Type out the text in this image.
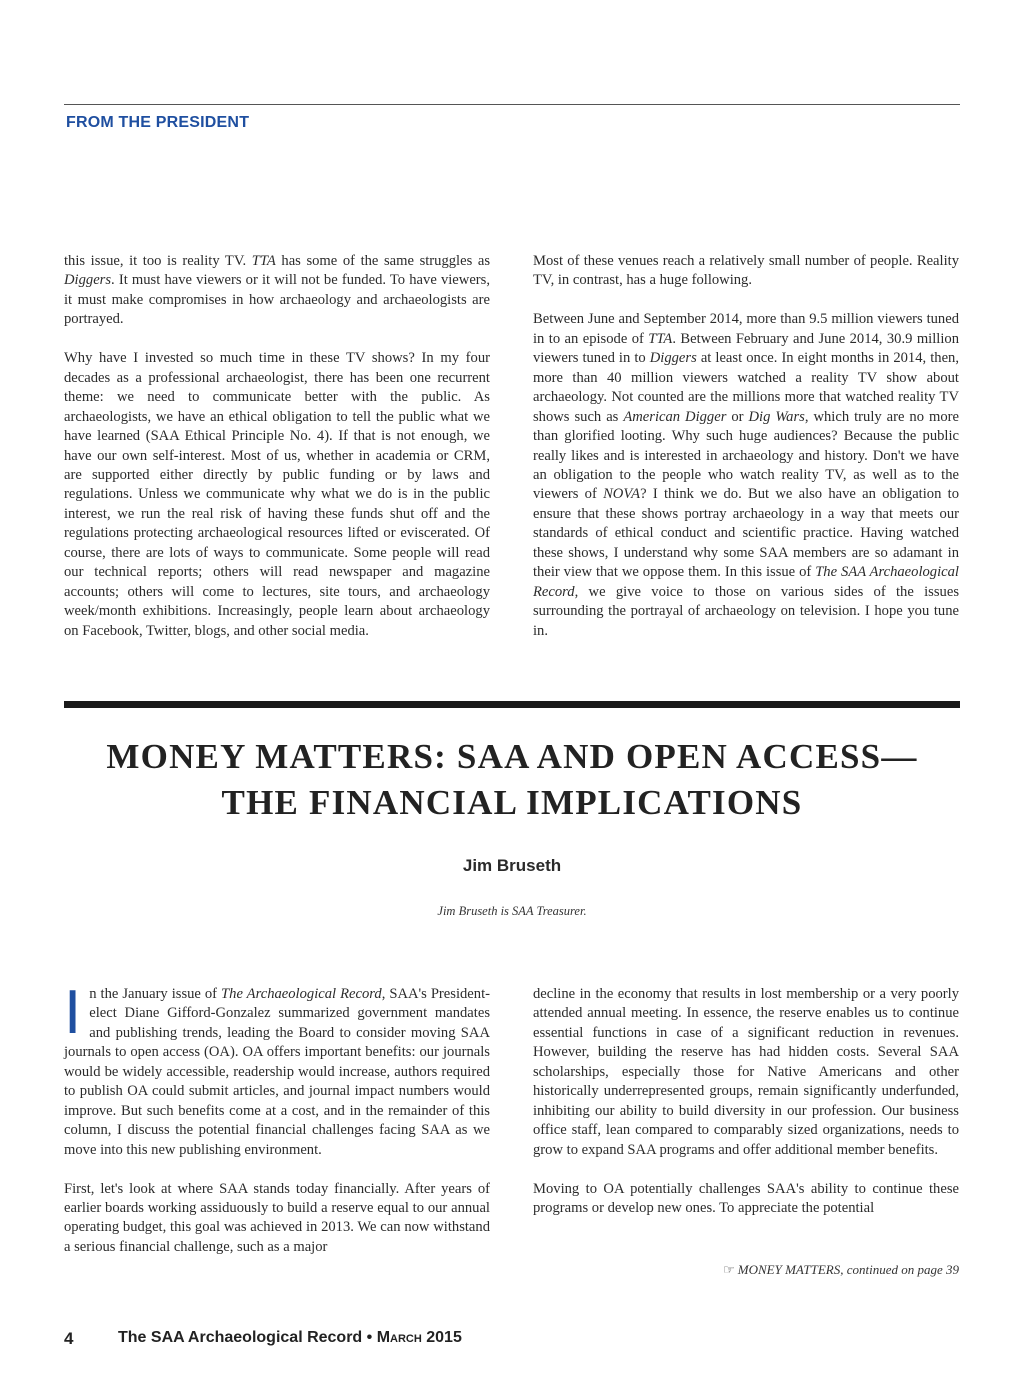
FROM THE PRESIDENT

this issue, it too is reality TV. TTA has some of the same struggles as Diggers. It must have viewers or it will not be funded. To have viewers, it must make compromises in how archaeology and archaeologists are portrayed.

Why have I invested so much time in these TV shows? In my four decades as a professional archaeologist, there has been one recurrent theme: we need to communicate better with the public. As archaeologists, we have an ethical obligation to tell the public what we have learned (SAA Ethical Principle No. 4). If that is not enough, we have our own self-interest. Most of us, whether in academia or CRM, are supported either directly by public funding or by laws and regulations. Unless we communicate why what we do is in the public interest, we run the real risk of having these funds shut off and the regulations protecting archaeological resources lifted or eviscerated. Of course, there are lots of ways to communicate. Some people will read our technical reports; others will read newspaper and magazine accounts; others will come to lectures, site tours, and archaeology week/month exhibitions. Increasingly, people learn about archaeology on Facebook, Twitter, blogs, and other social media.

Most of these venues reach a relatively small number of people. Reality TV, in contrast, has a huge following.

Between June and September 2014, more than 9.5 million viewers tuned in to an episode of TTA. Between February and June 2014, 30.9 million viewers tuned in to Diggers at least once. In eight months in 2014, then, more than 40 million viewers watched a reality TV show about archaeology. Not counted are the millions more that watched reality TV shows such as American Digger or Dig Wars, which truly are no more than glorified looting. Why such huge audiences? Because the public really likes and is interested in archaeology and history. Don't we have an obligation to the people who watch reality TV, as well as to the viewers of NOVA? I think we do. But we also have an obligation to ensure that these shows portray archaeology in a way that meets our standards of ethical conduct and scientific practice. Having watched these shows, I understand why some SAA members are so adamant in their view that we oppose them. In this issue of The SAA Archaeological Record, we give voice to those on various sides of the issues surrounding the portrayal of archaeology on television. I hope you tune in.

MONEY MATTERS: SAA AND OPEN ACCESS—
THE FINANCIAL IMPLICATIONS
Jim Bruseth
Jim Bruseth is SAA Treasurer.

In the January issue of The Archaeological Record, SAA's President-elect Diane Gifford-Gonzalez summarized government mandates and publishing trends, leading the Board to consider moving SAA journals to open access (OA). OA offers important benefits: our journals would be widely accessible, readership would increase, authors required to publish OA could submit articles, and journal impact numbers would improve. But such benefits come at a cost, and in the remainder of this column, I discuss the potential financial challenges facing SAA as we move into this new publishing environment.

First, let's look at where SAA stands today financially. After years of earlier boards working assiduously to build a reserve equal to our annual operating budget, this goal was achieved in 2013. We can now withstand a serious financial challenge, such as a major

decline in the economy that results in lost membership or a very poorly attended annual meeting. In essence, the reserve enables us to continue essential functions in case of a significant reduction in revenues. However, building the reserve has had hidden costs. Several SAA scholarships, especially those for Native Americans and other historically underrepresented groups, remain significantly underfunded, inhibiting our ability to build diversity in our profession. Our business office staff, lean compared to comparably sized organizations, needs to grow to expand SAA programs and offer additional member benefits.

Moving to OA potentially challenges SAA's ability to continue these programs or develop new ones. To appreciate the potential

☞ MONEY MATTERS, continued on page 39
4	The SAA Archaeological Record • March 2015
